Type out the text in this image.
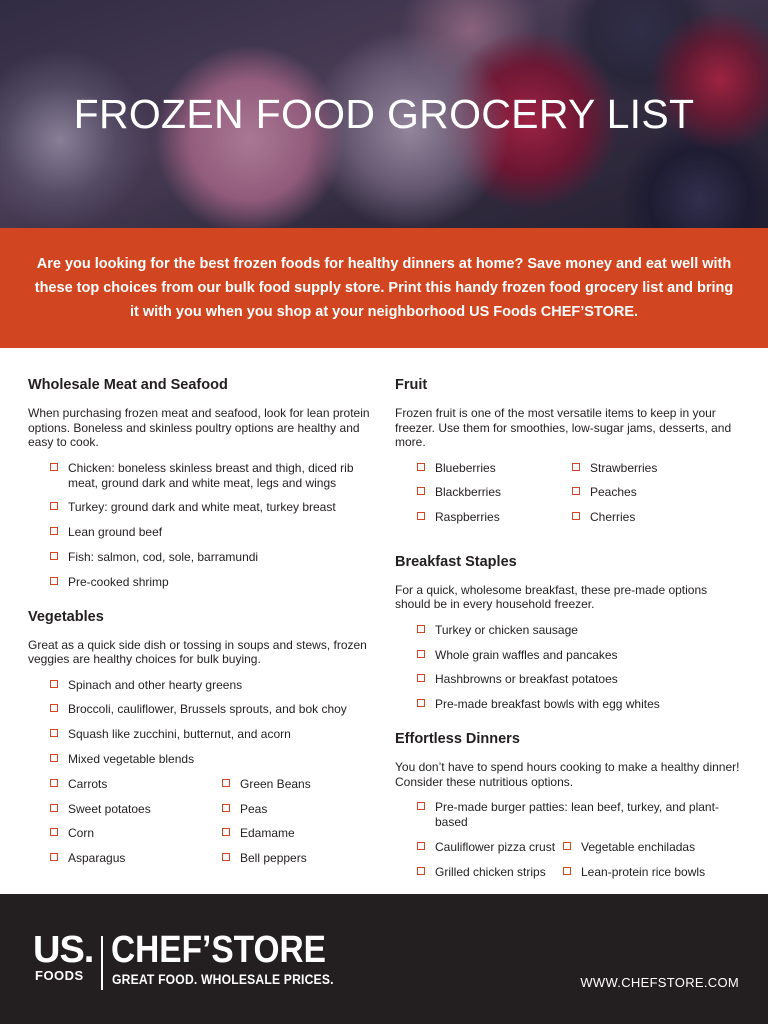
FROZEN FOOD GROCERY LIST
Are you looking for the best frozen foods for healthy dinners at home? Save money and eat well with these top choices from our bulk food supply store. Print this handy frozen food grocery list and bring it with you when you shop at your neighborhood US Foods CHEF’STORE.
Wholesale Meat and Seafood

When purchasing frozen meat and seafood, look for lean protein options. Boneless and skinless poultry options are healthy and easy to cook.

Chicken: boneless skinless breast and thigh, diced rib meat, ground dark and white meat, legs and wings
Turkey: ground dark and white meat, turkey breast
Lean ground beef
Fish: salmon, cod, sole, barramundi
Pre-cooked shrimp
Vegetables

Great as a quick side dish or tossing in soups and stews, frozen veggies are healthy choices for bulk buying.

Spinach and other hearty greens
Broccoli, cauliflower, Brussels sprouts, and bok choy
Squash like zucchini, butternut, and acorn
Mixed vegetable blends
Carrots	Green Beans
Sweet potatoes	Peas
Corn	Edamame
Asparagus	Bell peppers
Fruit

Frozen fruit is one of the most versatile items to keep in your freezer. Use them for smoothies, low-sugar jams, desserts, and more.

Blueberries	Strawberries
Blackberries	Peaches
Raspberries	Cherries
Breakfast Staples

For a quick, wholesome breakfast, these pre-made options should be in every household freezer.

Turkey or chicken sausage
Whole grain waffles and pancakes
Hashbrowns or breakfast potatoes
Pre-made breakfast bowls with egg whites
Effortless Dinners

You don’t have to spend hours cooking to make a healthy dinner! Consider these nutritious options.

Pre-made burger patties: lean beef, turkey, and plant-based
Cauliflower pizza crust	Vegetable enchiladas
Grilled chicken strips	Lean-protein rice bowls
US.
FOODS
CHEF’STORE
GREAT FOOD. WHOLESALE PRICES.	WWW.CHEFSTORE.COM
